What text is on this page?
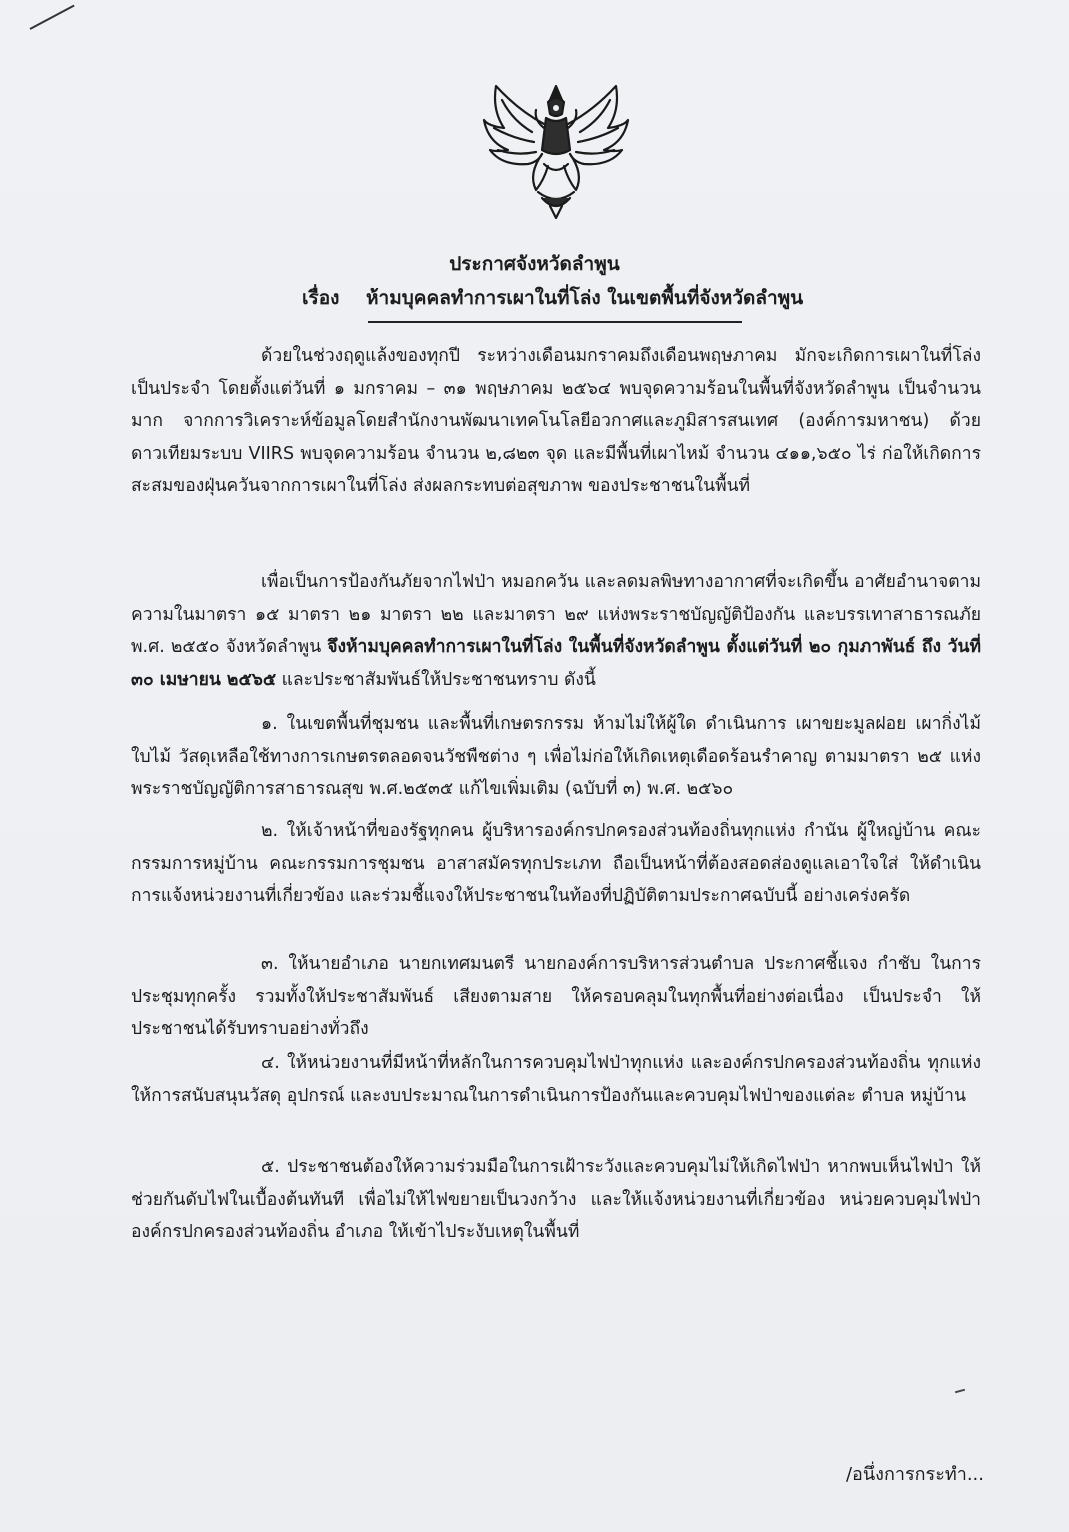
ประกาศจังหวัดลำพูน
เรื่อง ห้ามบุคคลทำการเผาในที่โล่ง ในเขตพื้นที่จังหวัดลำพูน

ด้วยในช่วงฤดูแล้งของทุกปี ระหว่างเดือนมกราคมถึงเดือนพฤษภาคม มักจะเกิดการเผาในที่โล่งเป็นประจำ โดยตั้งแต่วันที่ ๑ มกราคม – ๓๑ พฤษภาคม ๒๕๖๔ พบจุดความร้อนในพื้นที่จังหวัดลำพูน เป็นจำนวนมาก จากการวิเคราะห์ข้อมูลโดยสำนักงานพัฒนาเทคโนโลยีอวกาศและภูมิสารสนเทศ (องค์การมหาชน) ด้วยดาวเทียมระบบ VIIRS พบจุดความร้อน จำนวน ๒,๘๒๓ จุด และมีพื้นที่เผาไหม้ จำนวน ๔๑๑,๖๕๐ ไร่ ก่อให้เกิดการสะสมของฝุ่นควันจากการเผาในที่โล่ง ส่งผลกระทบต่อสุขภาพ ของประชาชนในพื้นที่

เพื่อเป็นการป้องกันภัยจากไฟป่า หมอกควัน และลดมลพิษทางอากาศที่จะเกิดขึ้น อาศัยอำนาจตามความในมาตรา ๑๕ มาตรา ๒๑ มาตรา ๒๒ และมาตรา ๒๙ แห่งพระราชบัญญัติป้องกัน และบรรเทาสาธารณภัย พ.ศ. ๒๕๕๐ จังหวัดลำพูน จึงห้ามบุคคลทำการเผาในที่โล่ง ในพื้นที่จังหวัดลำพูน ตั้งแต่วันที่ ๒๐ กุมภาพันธ์ ถึง วันที่ ๓๐ เมษายน ๒๕๖๕ และประชาสัมพันธ์ให้ประชาชนทราบ ดังนี้

๑. ในเขตพื้นที่ชุมชน และพื้นที่เกษตรกรรม ห้ามไม่ให้ผู้ใด ดำเนินการ เผาขยะมูลฝอย เผากิ่งไม้ใบไม้ วัสดุเหลือใช้ทางการเกษตรตลอดจนวัชพืชต่าง ๆ เพื่อไม่ก่อให้เกิดเหตุเดือดร้อนรำคาญ ตามมาตรา ๒๕ แห่งพระราชบัญญัติการสาธารณสุข พ.ศ.๒๕๓๕ แก้ไขเพิ่มเติม (ฉบับที่ ๓) พ.ศ. ๒๕๖๐

๒. ให้เจ้าหน้าที่ของรัฐทุกคน ผู้บริหารองค์กรปกครองส่วนท้องถิ่นทุกแห่ง กำนัน ผู้ใหญ่บ้าน คณะกรรมการหมู่บ้าน คณะกรรมการชุมชน อาสาสมัครทุกประเภท ถือเป็นหน้าที่ต้องสอดส่องดูแลเอาใจใส่ ให้ดำเนินการแจ้งหน่วยงานที่เกี่ยวข้อง และร่วมชี้แจงให้ประชาชนในท้องที่ปฏิบัติตามประกาศฉบับนี้ อย่างเคร่งครัด

๓. ให้นายอำเภอ นายกเทศมนตรี นายกองค์การบริหารส่วนตำบล ประกาศชี้แจง กำชับ ในการประชุมทุกครั้ง รวมทั้งให้ประชาสัมพันธ์ เสียงตามสาย ให้ครอบคลุมในทุกพื้นที่อย่างต่อเนื่อง เป็นประจำ ให้ประชาชนได้รับทราบอย่างทั่วถึง

๔. ให้หน่วยงานที่มีหน้าที่หลักในการควบคุมไฟป่าทุกแห่ง และองค์กรปกครองส่วนท้องถิ่น ทุกแห่งให้การสนับสนุนวัสดุ อุปกรณ์ และงบประมาณในการดำเนินการป้องกันและควบคุมไฟป่าของแต่ละ ตำบล หมู่บ้าน

๕. ประชาชนต้องให้ความร่วมมือในการเฝ้าระวังและควบคุมไม่ให้เกิดไฟป่า หากพบเห็นไฟป่า ให้ช่วยกันดับไฟในเบื้องต้นทันที เพื่อไม่ให้ไฟขยายเป็นวงกว้าง และให้แจ้งหน่วยงานที่เกี่ยวข้อง หน่วยควบคุมไฟป่า องค์กรปกครองส่วนท้องถิ่น อำเภอ ให้เข้าไประงับเหตุในพื้นที่

/อนึ่งการกระทำ...
